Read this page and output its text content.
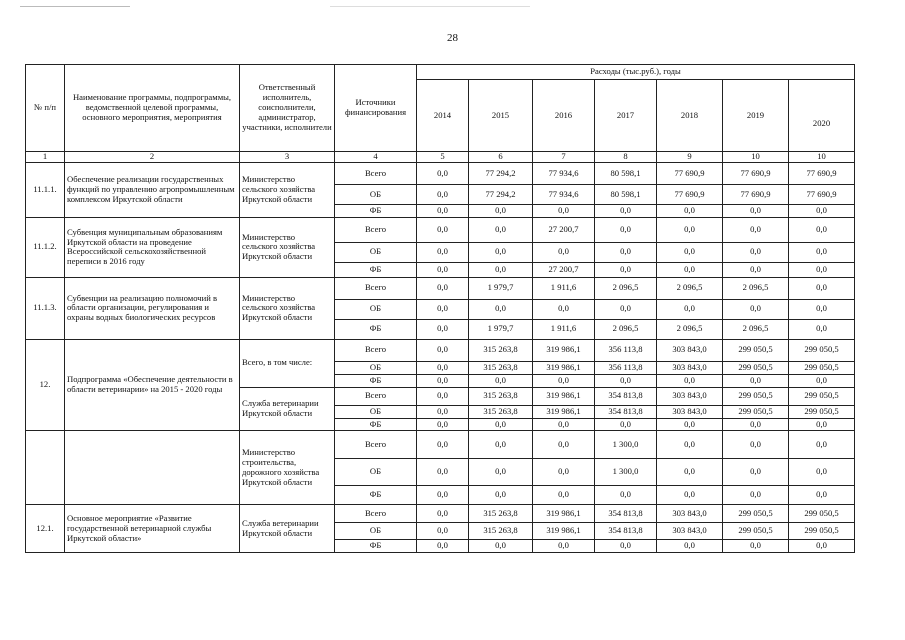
28
№ п/п	Наименование программы, подпрограммы, ведомственной целевой программы, основного мероприятия, мероприятия	Ответственный исполнитель, соисполнители, администратор, участники, исполнители	Источники финансирования	Расходы (тыс.руб.), годы						
				2014	2015	2016	2017	2018	2019	2020
1	2	3	4	5	6	7	8	9	10	10
11.1.1.	Обеспечение реализации государственных функций по управлению агропромышленным комплексом Иркутской области	Министерство сельского хозяйства Иркутской области	Всего	0,0	77 294,2	77 934,6	80 598,1	77 690,9	77 690,9	77 690,9
			ОБ	0,0	77 294,2	77 934,6	80 598,1	77 690,9	77 690,9	77 690,9
			ФБ	0,0	0,0	0,0	0,0	0,0	0,0	0,0
11.1.2.	Субвенция муниципальным образованиям Иркутской области на проведение Всероссийской сельскохозяйственной переписи в 2016 году	Министерство сельского хозяйства Иркутской области	Всего	0,0	0,0	27 200,7	0,0	0,0	0,0	0,0
			ОБ	0,0	0,0	0,0	0,0	0,0	0,0	0,0
			ФБ	0,0	0,0	27 200,7	0,0	0,0	0,0	0,0
11.1.3.	Субвенции на реализацию полномочий в области организации, регулирования и охраны водных биологических ресурсов	Министерство сельского хозяйства Иркутской области	Всего	0,0	1 979,7	1 911,6	2 096,5	2 096,5	2 096,5	0,0
			ОБ	0,0	0,0	0,0	0,0	0,0	0,0	0,0
			ФБ	0,0	1 979,7	1 911,6	2 096,5	2 096,5	2 096,5	0,0
12.	Подпрограмма «Обеспечение деятельности в области ветеринарии» на 2015 - 2020 годы	Всего, в том числе:	Всего	0,0	315 263,8	319 986,1	356 113,8	303 843,0	299 050,5	299 050,5
			ОБ	0,0	315 263,8	319 986,1	356 113,8	303 843,0	299 050,5	299 050,5
			ФБ	0,0	0,0	0,0	0,0	0,0	0,0	0,0
		Служба ветеринарии Иркутской области	Всего	0,0	315 263,8	319 986,1	354 813,8	303 843,0	299 050,5	299 050,5
			ОБ	0,0	315 263,8	319 986,1	354 813,8	303 843,0	299 050,5	299 050,5
			ФБ	0,0	0,0	0,0	0,0	0,0	0,0	0,0
		Министерство строительства, дорожного хозяйства Иркутской области	Всего	0,0	0,0	0,0	1 300,0	0,0	0,0	0,0
			ОБ	0,0	0,0	0,0	1 300,0	0,0	0,0	0,0
			ФБ	0,0	0,0	0,0	0,0	0,0	0,0	0,0
12.1.	Основное мероприятие «Развитие государственной ветеринарной службы Иркутской области»	Служба ветеринарии Иркутской области	Всего	0,0	315 263,8	319 986,1	354 813,8	303 843,0	299 050,5	299 050,5
			ОБ	0,0	315 263,8	319 986,1	354 813,8	303 843,0	299 050,5	299 050,5
			ФБ	0,0	0,0	0,0	0,0	0,0	0,0	0,0
